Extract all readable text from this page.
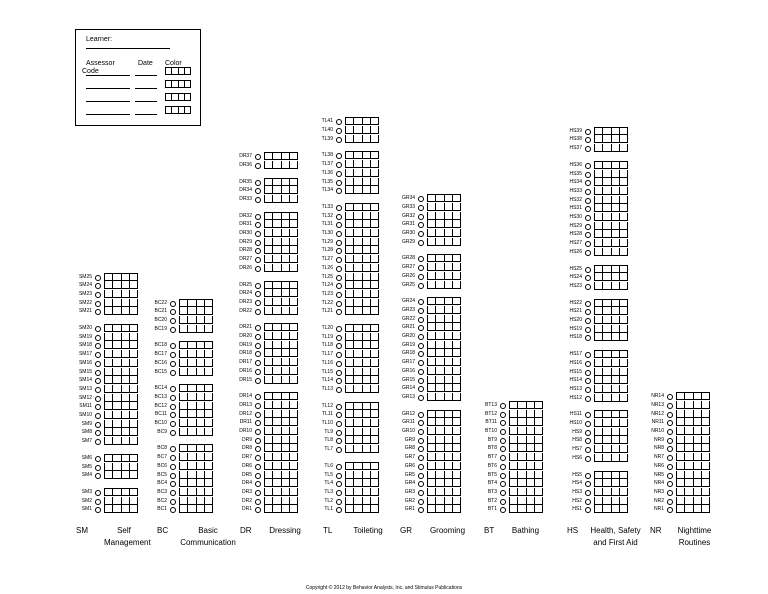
Learner:
Assessor
Code
Date Color
SM1
SM2
SM3
SM4
SM5
SM6
SM7
SM8
SM9
SM10
SM11
SM12
SM13
SM14
SM15
SM16
SM17
SM18
SM19
SM20
SM21
SM22
SM23
SM24
SM25
SM	Self
Management
BC1
BC2
BC3
BC4
BC5
BC6
BC7
BC8
BC9
BC10
BC11
BC12
BC13
BC14
BC15
BC16
BC17
BC18
BC19
BC20
BC21
BC22
BC	Basic
Communication
DR1
DR2
DR3
DR4
DR5
DR6
DR7
DR8
DR9
DR10
DR11
DR12
DR13
DR14
DR15
DR16
DR17
DR18
DR19
DR20
DR21
DR22
DR23
DR24
DR25
DR26
DR27
DR28
DR29
DR30
DR31
DR32
DR33
DR34
DR35
DR36
DR37
DR	Dressing
TL1
TL2
TL3
TL4
TL5
TL6
TL7
TL8
TL9
TL10
TL11
TL12
TL13
TL14
TL15
TL16
TL17
TL18
TL19
TL20
TL21
TL22
TL23
TL24
TL25
TL26
TL27
TL28
TL29
TL30
TL31
TL32
TL33
TL34
TL35
TL36
TL37
TL38
TL39
TL40
TL41
TL	Toileting
GR1
GR2
GR3
GR4
GR5
GR6
GR7
GR8
GR9
GR10
GR11
GR12
GR13
GR14
GR15
GR16
GR17
GR18
GR19
GR20
GR21
GR22
GR23
GR24
GR25
GR26
GR27
GR28
GR29
GR30
GR31
GR32
GR33
GR34
GR	Grooming
BT1
BT2
BT3
BT4
BT5
BT6
BT7
BT8
BT9
BT10
BT11
BT12
BT13
BT	Bathing
HS1
HS2
HS3
HS4
HS5
HS6
HS7
HS8
HS9
HS10
HS11
HS12
HS13
HS14
HS15
HS16
HS17
HS18
HS19
HS20
HS21
HS22
HS23
HS24
HS25
HS26
HS27
HS28
HS29
HS30
HS31
HS32
HS33
HS34
HS35
HS36
HS37
HS38
HS39
HS Health, Safety
and First Aid
NR1
NR2
NR3
NR4
NR5
NR6
NR7
NR8
NR9
NR10
NR11
NR12
NR13
NR14
NR	Nighttime
Routines
Copyright © 2012 by Behavior Analysts, Inc. and Stimulus Publications
